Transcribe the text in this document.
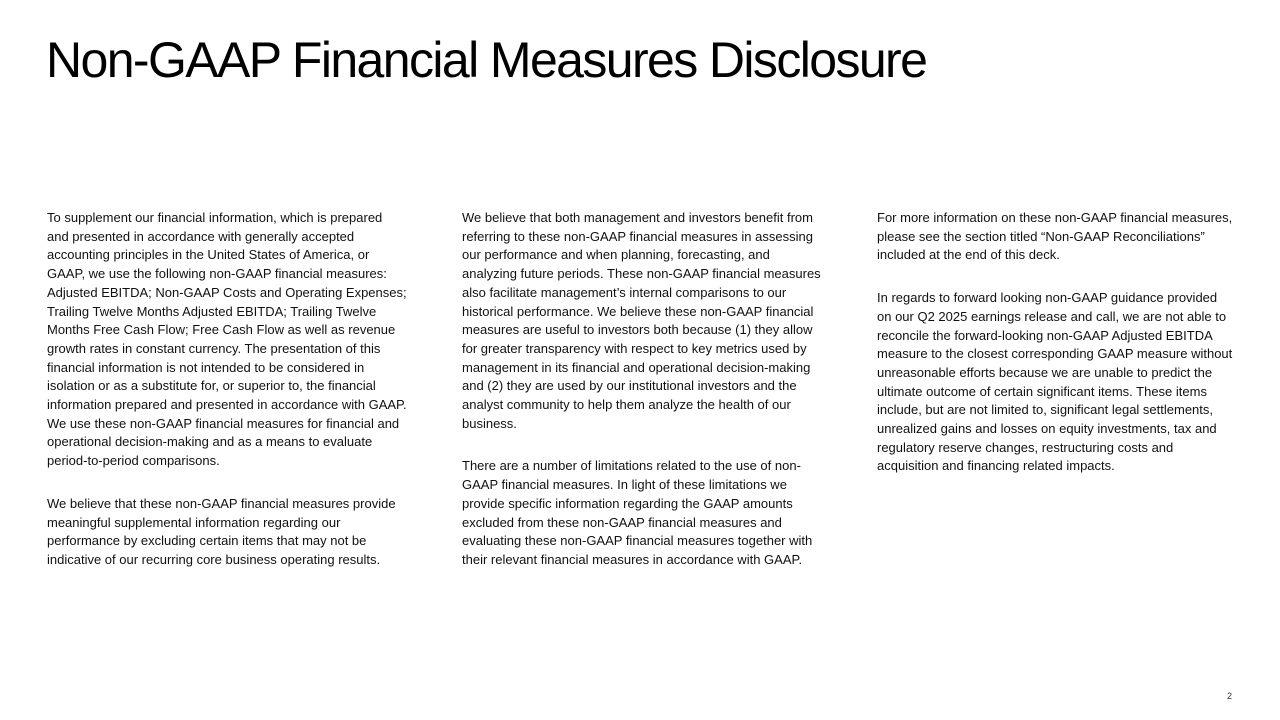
Non-GAAP Financial Measures Disclosure

To supplement our financial information, which is prepared and presented in accordance with generally accepted accounting principles in the United States of America, or GAAP, we use the following non-GAAP financial measures: Adjusted EBITDA; Non-GAAP Costs and Operating Expenses; Trailing Twelve Months Adjusted EBITDA; Trailing Twelve Months Free Cash Flow; Free Cash Flow as well as revenue growth rates in constant currency. The presentation of this financial information is not intended to be considered in isolation or as a substitute for, or superior to, the financial information prepared and presented in accordance with GAAP. We use these non-GAAP financial measures for financial and operational decision-making and as a means to evaluate period-to-period comparisons.

We believe that these non-GAAP financial measures provide meaningful supplemental information regarding our performance by excluding certain items that may not be indicative of our recurring core business operating results.

We believe that both management and investors benefit from referring to these non-GAAP financial measures in assessing our performance and when planning, forecasting, and analyzing future periods. These non-GAAP financial measures also facilitate management’s internal comparisons to our historical performance. We believe these non-GAAP financial measures are useful to investors both because (1) they allow for greater transparency with respect to key metrics used by management in its financial and operational decision-making and (2) they are used by our institutional investors and the analyst community to help them analyze the health of our business.

There are a number of limitations related to the use of non-GAAP financial measures. In light of these limitations we provide specific information regarding the GAAP amounts excluded from these non-GAAP financial measures and evaluating these non-GAAP financial measures together with their relevant financial measures in accordance with GAAP.

For more information on these non-GAAP financial measures, please see the section titled “Non-GAAP Reconciliations” included at the end of this deck.

In regards to forward looking non-GAAP guidance provided on our Q2 2025 earnings release and call, we are not able to reconcile the forward-looking non-GAAP Adjusted EBITDA measure to the closest corresponding GAAP measure without unreasonable efforts because we are unable to predict the ultimate outcome of certain significant items. These items include, but are not limited to, significant legal settlements, unrealized gains and losses on equity investments, tax and regulatory reserve changes, restructuring costs and acquisition and financing related impacts.

2
